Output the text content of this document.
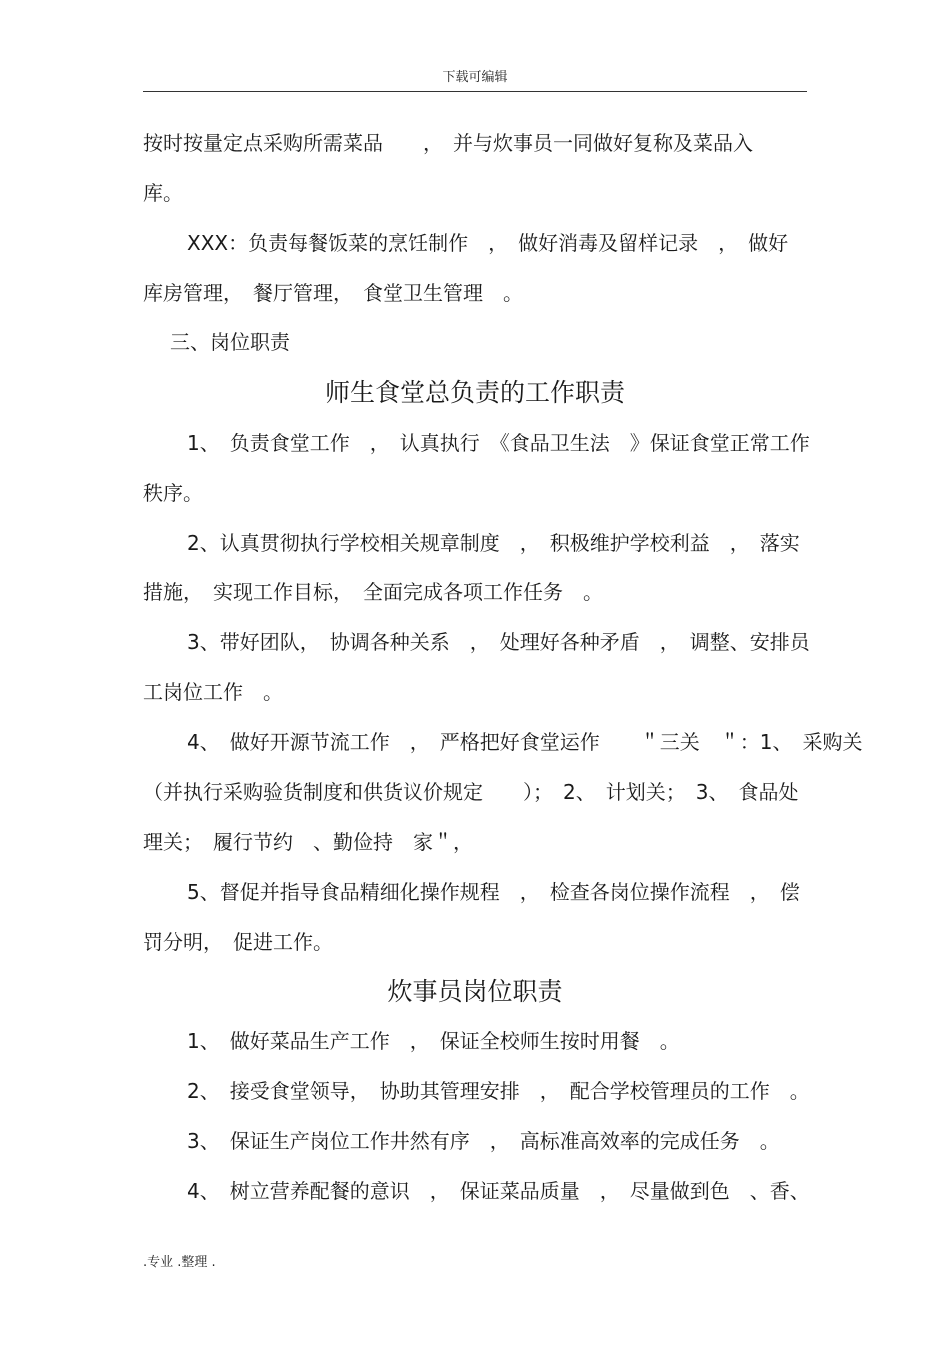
下载可编辑
按时按量定点采购所需菜品　　，　并与炊事员一同做好复称及菜品入
库。
XXX：负责每餐饭菜的烹饪制作　，　做好消毒及留样记录　，　做好
库房管理，　餐厅管理，　食堂卫生管理　。
三、岗位职责
师生食堂总负责的工作职责
1、　负责食堂工作　，　认真执行　《食品卫生法　》保证食堂正常工作
秩序。
2、认真贯彻执行学校相关规章制度　，　积极维护学校利益　，　落实
措施，　实现工作目标，　全面完成各项工作任务　。
3、带好团队，　协调各种关系　，　处理好各种矛盾　，　调整、安排员
工岗位工作　。
4、　做好开源节流工作　，　严格把好食堂运作　　＂三关　＂：1、　采购关
（并执行采购验货制度和供货议价规定　　）；　2、　计划关；　3、　食品处
理关；　履行节约　、勤俭持　家＂，
5、督促并指导食品精细化操作规程　，　检查各岗位操作流程　，　偿
罚分明，　促进工作。
炊事员岗位职责
1、　做好菜品生产工作　，　保证全校师生按时用餐　。
2、　接受食堂领导，　协助其管理安排　，　配合学校管理员的工作　。
3、　保证生产岗位工作井然有序　，　高标准高效率的完成任务　。
4、　树立营养配餐的意识　，　保证菜品质量　，　尽量做到色　、香、
.专业 .整理 .
